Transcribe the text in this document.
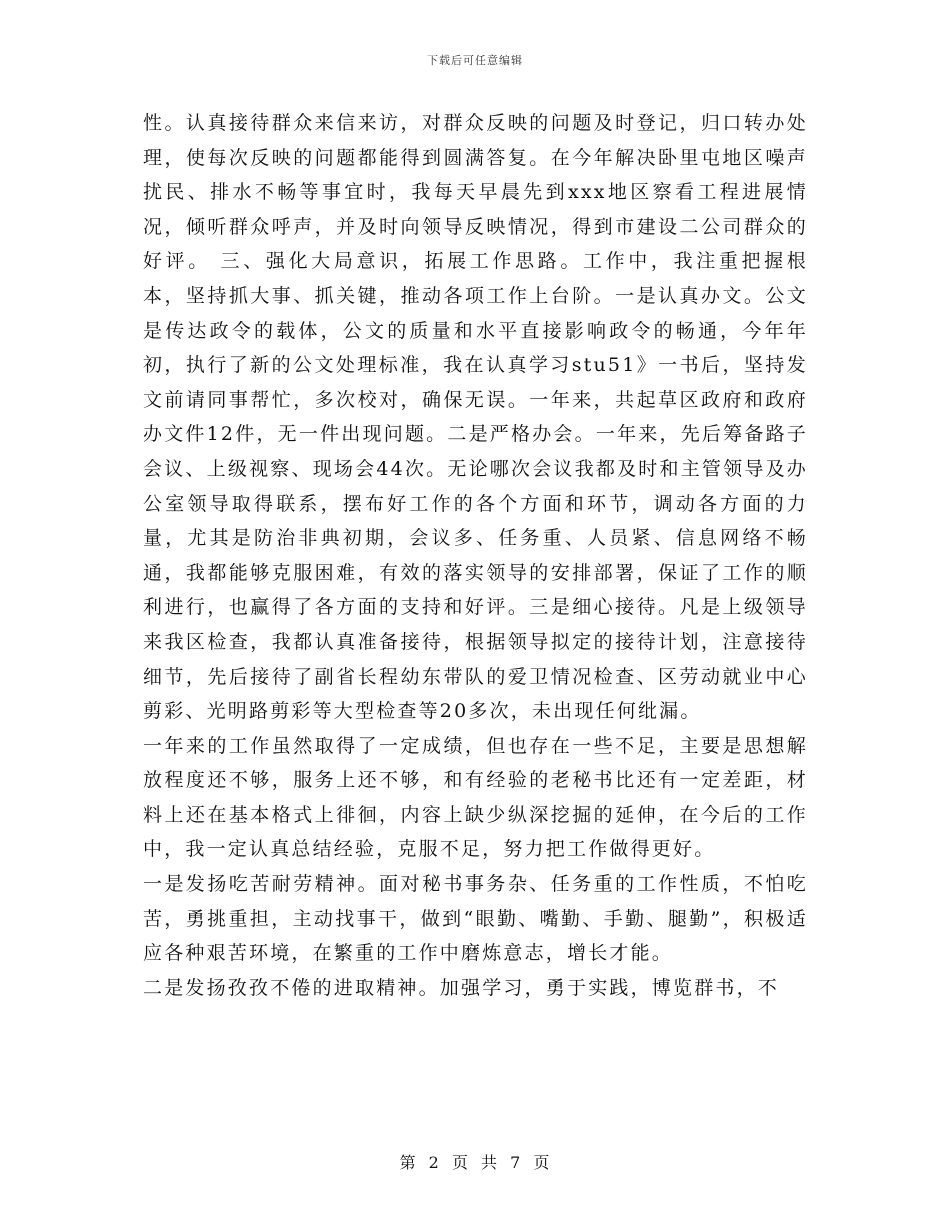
下载后可任意编辑

性。认真接待群众来信来访，对群众反映的问题及时登记，归口转办处理，使每次反映的问题都能得到圆满答复。在今年解决卧里屯地区噪声扰民、排水不畅等事宜时，我每天早晨先到xxx地区察看工程进展情况，倾听群众呼声，并及时向领导反映情况，得到市建设二公司群众的好评。 三、强化大局意识，拓展工作思路。工作中，我注重把握根本，坚持抓大事、抓关键，推动各项工作上台阶。一是认真办文。公文是传达政令的载体，公文的质量和水平直接影响政令的畅通，今年年初，执行了新的公文处理标准，我在认真学习stu51》一书后，坚持发文前请同事帮忙，多次校对，确保无误。一年来，共起草区政府和政府办文件12件，无一件出现问题。二是严格办会。一年来，先后筹备路子会议、上级视察、现场会44次。无论哪次会议我都及时和主管领导及办公室领导取得联系，摆布好工作的各个方面和环节，调动各方面的力量，尤其是防治非典初期，会议多、任务重、人员紧、信息网络不畅通，我都能够克服困难，有效的落实领导的安排部署，保证了工作的顺利进行，也赢得了各方面的支持和好评。三是细心接待。凡是上级领导来我区检查，我都认真准备接待，根据领导拟定的接待计划，注意接待细节，先后接待了副省长程幼东带队的爱卫情况检查、区劳动就业中心剪彩、光明路剪彩等大型检查等20多次，未出现任何纰漏。

一年来的工作虽然取得了一定成绩，但也存在一些不足，主要是思想解放程度还不够，服务上还不够，和有经验的老秘书比还有一定差距，材料上还在基本格式上徘徊，内容上缺少纵深挖掘的延伸，在今后的工作中，我一定认真总结经验，克服不足，努力把工作做得更好。

一是发扬吃苦耐劳精神。面对秘书事务杂、任务重的工作性质，不怕吃苦，勇挑重担，主动找事干，做到“眼勤、嘴勤、手勤、腿勤”，积极适应各种艰苦环境，在繁重的工作中磨炼意志，增长才能。

二是发扬孜孜不倦的进取精神。加强学习，勇于实践，博览群书，不

第 2 页 共 7 页
